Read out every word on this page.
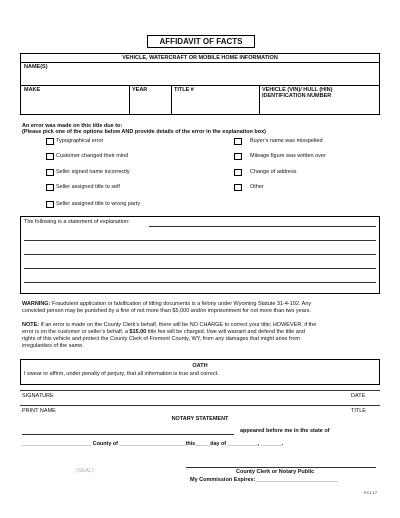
AFFIDAVIT OF FACTS
VEHICLE, WATERCRAFT OR MOBILE HOME INFORMATION
NAME(S)
MAKE	YEAR	TITLE #	VEHICLE (VIN)/ HULL (HIN)
IDENTIFICATION NUMBER
An error was made on this title due to:
(Please pick one of the options below AND provide details of the error in the explanation box)
Typographical error
Customer changed their mind
Seller signed name incorrectly
Seller assigned title to self
Seller assigned title to wrong party
Buyer’s name was misspelled
Mileage figure was written over
Change of address
Other
The following is a statement of explanation:
WARNING: Fraudulent application or falsification of titling documents is a felony under Wyoming Statute 31-4-102. Any
convicted person may be punished by a fine of not more than $5,000 and/or imprisonment for not more than two years.
NOTE: If an error is made on the County Clerk’s behalf, there will be NO CHARGE to correct your title; HOWEVER, if the
error is on the customer or seller’s behalf, a $15.00 title fee will be charged. I/we will warrant and defend the title and
rights of this vehicle and protect the County Clerk of Fremont County, WY, from any damages that might arise from
irregularities of the same.
OATH
I swear or affirm, under penalty of perjury, that all information is true and correct.
SIGNATURE	DATE
PRINT NAME	TITLE
NOTARY STATEMENT
appeared before me in the state of
_______________________ County of ______________________this_____day of __________, _______.
(SEAL)	County Clerk or Notary Public
My Commission Expires:___________________________
FC1 17
